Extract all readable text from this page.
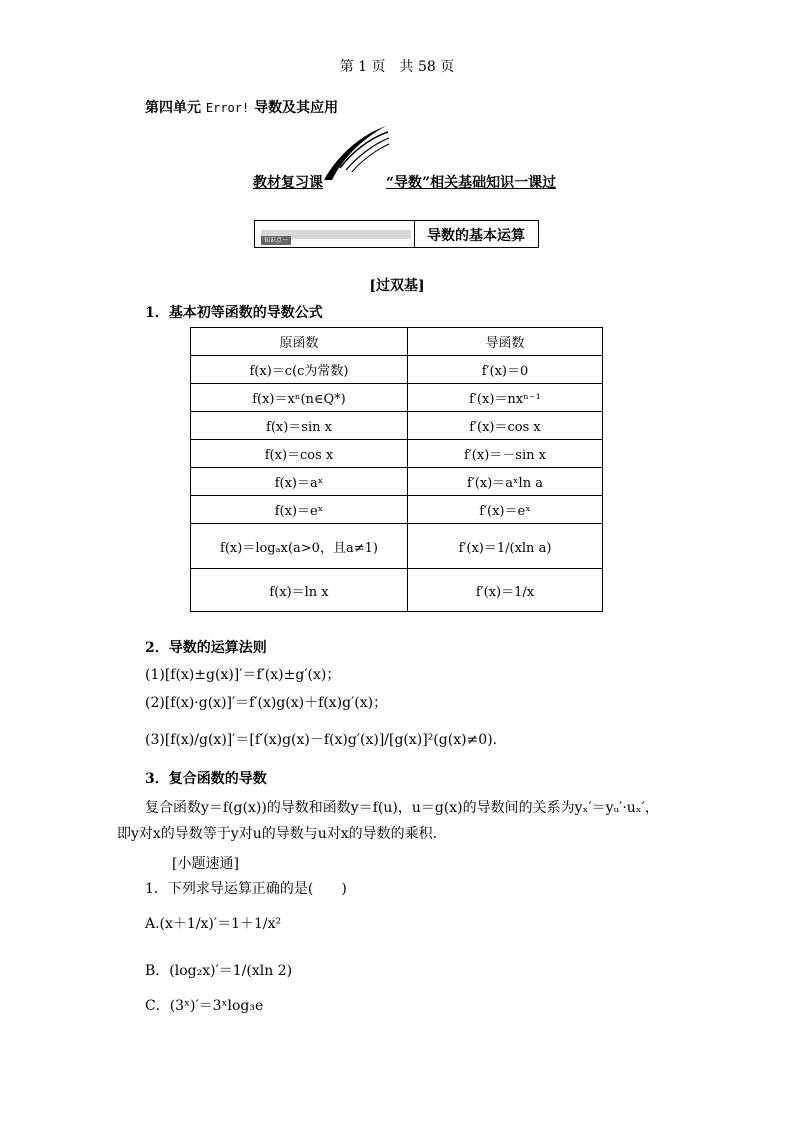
第 1 页　共 58 页
第四单元 Error! 导数及其应用
教材复习课	“导数”相关基础知识一课过
知识点一	导数的基本运算
[过双基]
1．基本初等函数的导数公式
原函数	导函数
f(x)＝c(c为常数)	f′(x)＝0
f(x)＝xⁿ(n∈Q*)	f′(x)＝nxⁿ⁻¹
f(x)＝sin x	f′(x)＝cos x
f(x)＝cos x	f′(x)＝－sin x
f(x)＝aˣ	f′(x)＝aˣln a
f(x)＝eˣ	f′(x)＝eˣ
f(x)＝logₐx(a>0，且a≠1)	f′(x)＝1/(xln a)
f(x)＝ln x	f′(x)＝1/x
2．导数的运算法则
(1)[f(x)±g(x)]′＝f′(x)±g′(x)；
(2)[f(x)·g(x)]′＝f′(x)g(x)＋f(x)g′(x)；
(3)[f(x)/g(x)]′＝[f′(x)g(x)－f(x)g′(x)]/[g(x)]²(g(x)≠0)．
3．复合函数的导数
复合函数y＝f(g(x))的导数和函数y＝f(u)，u＝g(x)的导数间的关系为yₓ′＝yᵤ′·uₓ′，
即y对x的导数等于y对u的导数与u对x的导数的乘积．
[小题速通]
1．下列求导运算正确的是(　　)
A.(x＋1/x)′＝1＋1/x²
B．(log₂x)′＝1/(xln 2)
C．(3ˣ)′＝3ˣlog₃e
